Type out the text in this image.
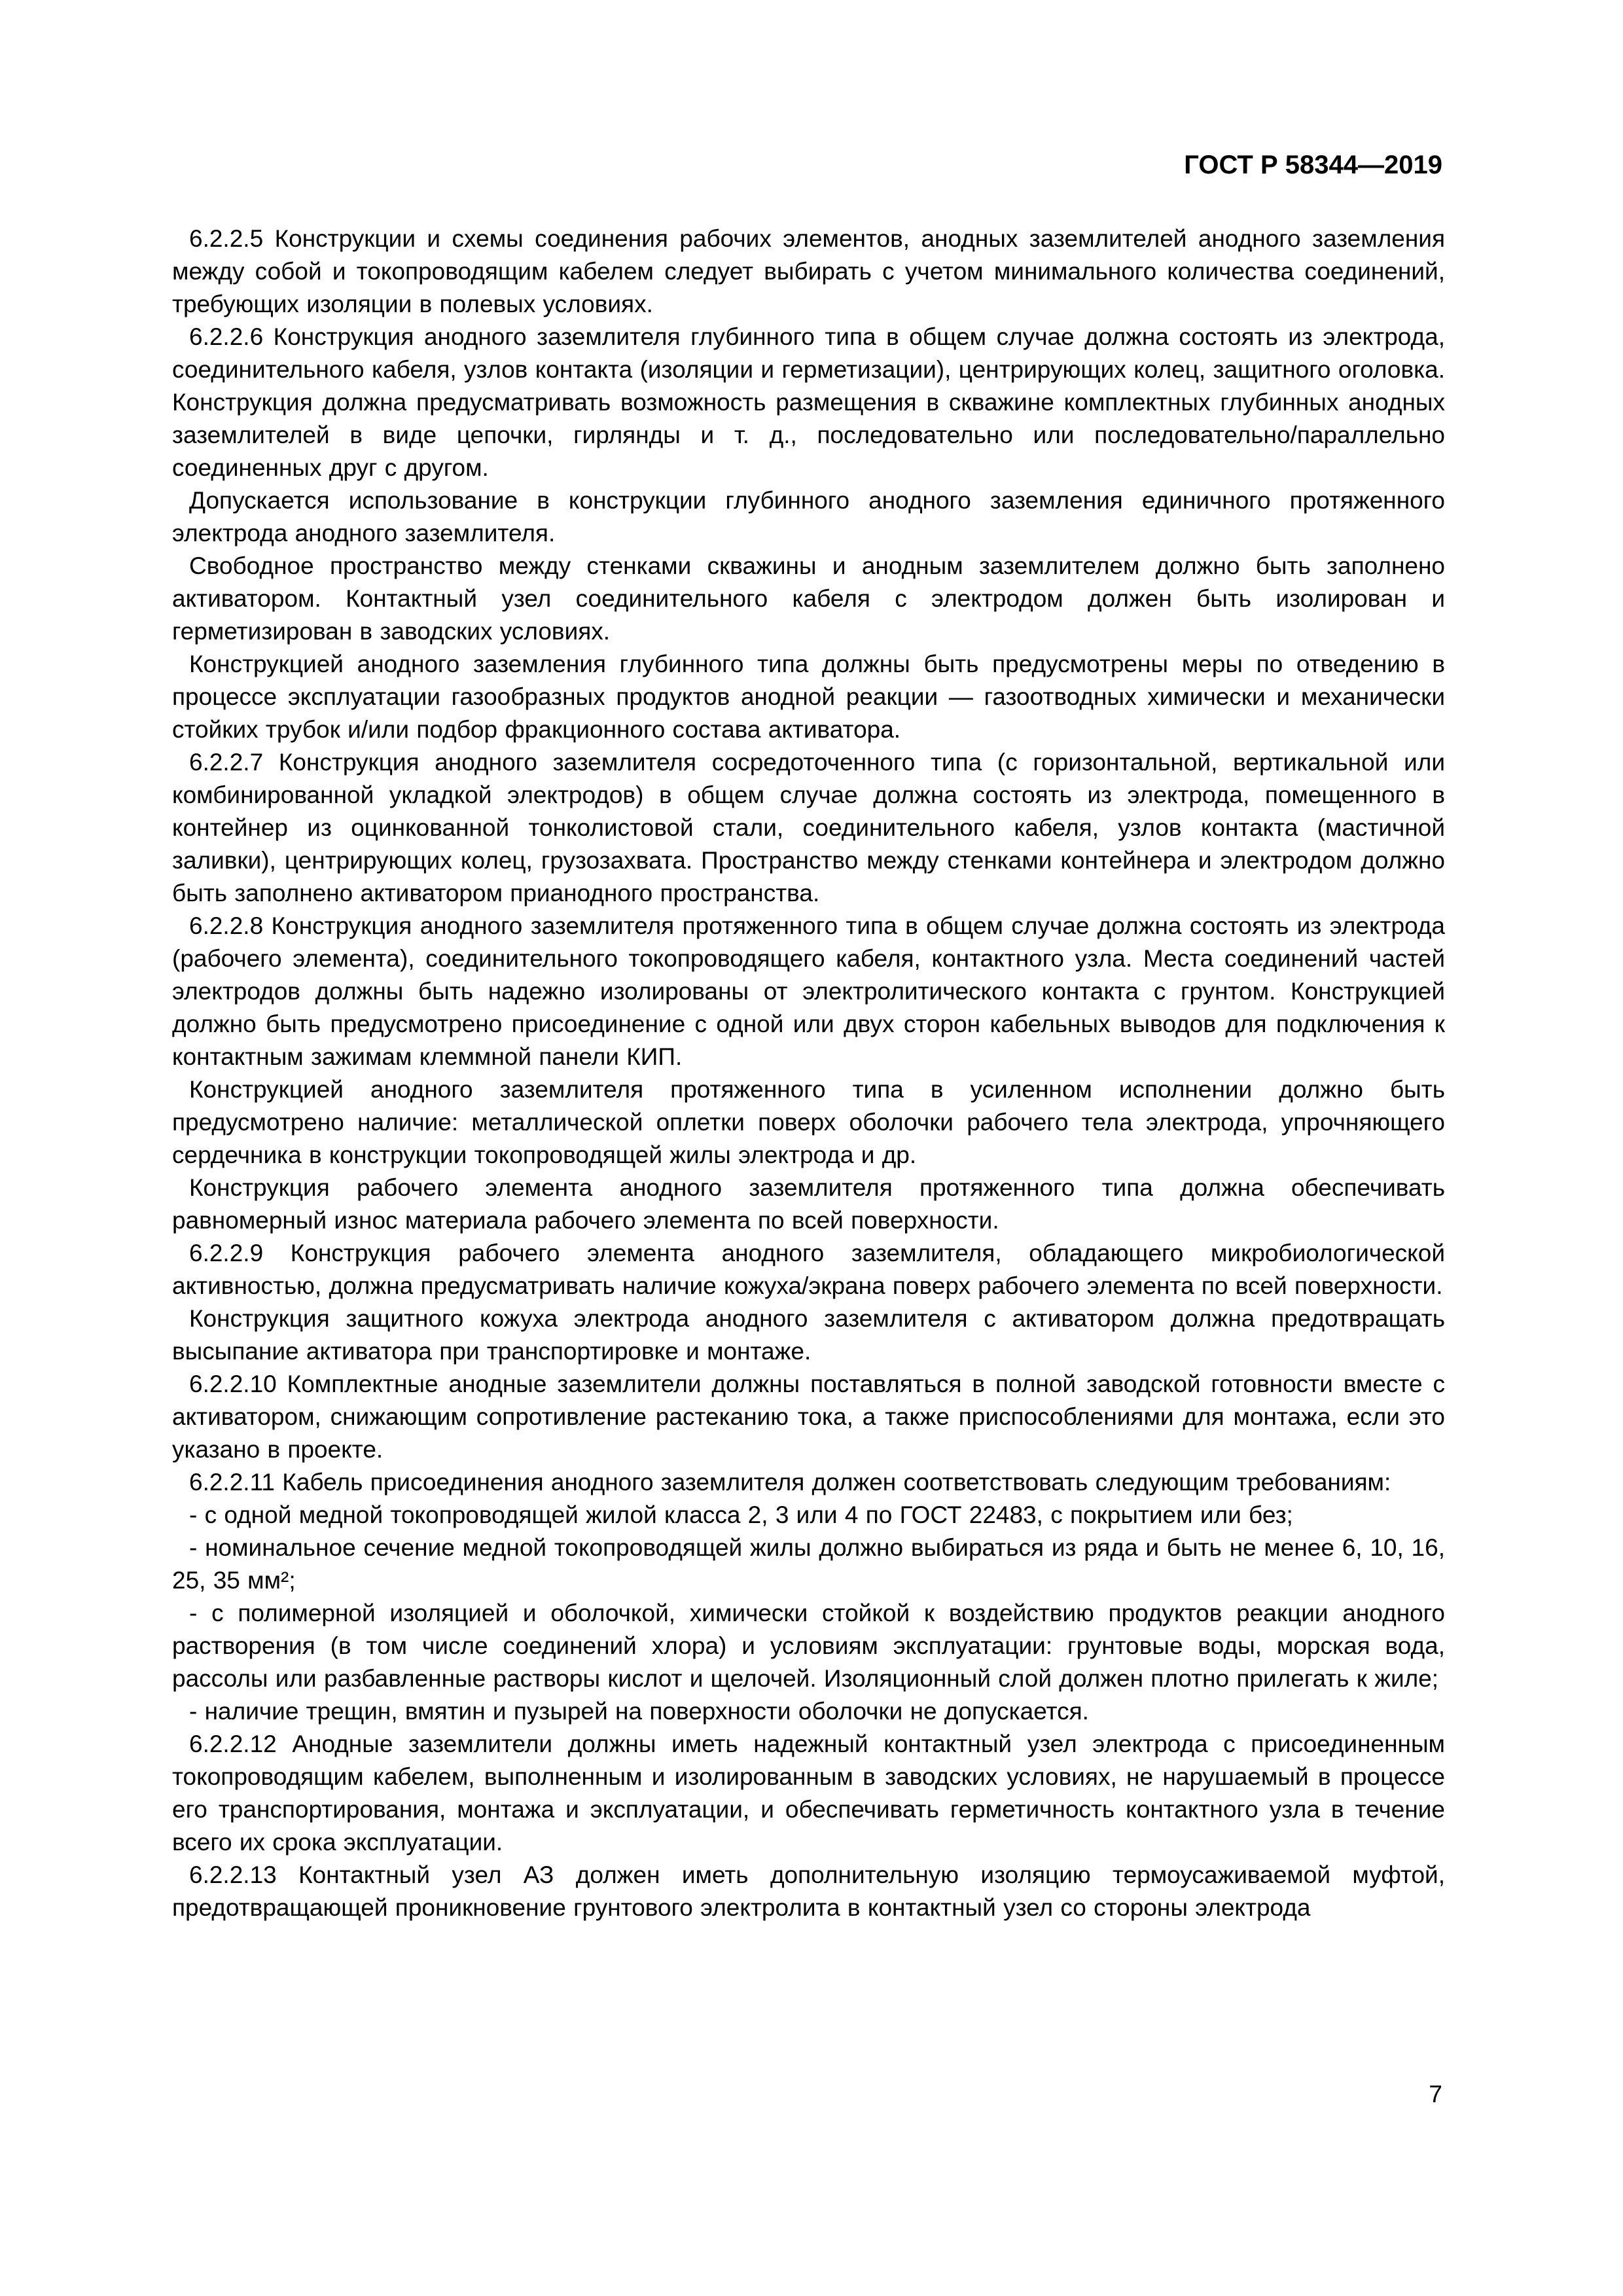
ГОСТ Р 58344—2019

6.2.2.5 Конструкции и схемы соединения рабочих элементов, анодных заземлителей анодного заземления между собой и токопроводящим кабелем следует выбирать с учетом минимального количества соединений, требующих изоляции в полевых условиях.

6.2.2.6 Конструкция анодного заземлителя глубинного типа в общем случае должна состоять из электрода, соединительного кабеля, узлов контакта (изоляции и герметизации), центрирующих колец, защитного оголовка. Конструкция должна предусматривать возможность размещения в скважине комплектных глубинных анодных заземлителей в виде цепочки, гирлянды и т. д., последовательно или последовательно/параллельно соединенных друг с другом.

Допускается использование в конструкции глубинного анодного заземления единичного протяженного электрода анодного заземлителя.

Свободное пространство между стенками скважины и анодным заземлителем должно быть заполнено активатором. Контактный узел соединительного кабеля с электродом должен быть изолирован и герметизирован в заводских условиях.

Конструкцией анодного заземления глубинного типа должны быть предусмотрены меры по отведению в процессе эксплуатации газообразных продуктов анодной реакции — газоотводных химически и механически стойких трубок и/или подбор фракционного состава активатора.

6.2.2.7 Конструкция анодного заземлителя сосредоточенного типа (с горизонтальной, вертикальной или комбинированной укладкой электродов) в общем случае должна состоять из электрода, помещенного в контейнер из оцинкованной тонколистовой стали, соединительного кабеля, узлов контакта (мастичной заливки), центрирующих колец, грузозахвата. Пространство между стенками контейнера и электродом должно быть заполнено активатором прианодного пространства.

6.2.2.8 Конструкция анодного заземлителя протяженного типа в общем случае должна состоять из электрода (рабочего элемента), соединительного токопроводящего кабеля, контактного узла. Места соединений частей электродов должны быть надежно изолированы от электролитического контакта с грунтом. Конструкцией должно быть предусмотрено присоединение с одной или двух сторон кабельных выводов для подключения к контактным зажимам клеммной панели КИП.

Конструкцией анодного заземлителя протяженного типа в усиленном исполнении должно быть предусмотрено наличие: металлической оплетки поверх оболочки рабочего тела электрода, упрочняющего сердечника в конструкции токопроводящей жилы электрода и др.

Конструкция рабочего элемента анодного заземлителя протяженного типа должна обеспечивать равномерный износ материала рабочего элемента по всей поверхности.

6.2.2.9 Конструкция рабочего элемента анодного заземлителя, обладающего микробиологической активностью, должна предусматривать наличие кожуха/экрана поверх рабочего элемента по всей поверхности.

Конструкция защитного кожуха электрода анодного заземлителя с активатором должна предотвращать высыпание активатора при транспортировке и монтаже.

6.2.2.10 Комплектные анодные заземлители должны поставляться в полной заводской готовности вместе с активатором, снижающим сопротивление растеканию тока, а также приспособлениями для монтажа, если это указано в проекте.

6.2.2.11 Кабель присоединения анодного заземлителя должен соответствовать следующим требованиям:

- с одной медной токопроводящей жилой класса 2, 3 или 4 по ГОСТ 22483, с покрытием или без;

- номинальное сечение медной токопроводящей жилы должно выбираться из ряда и быть не менее 6, 10, 16, 25, 35 мм²;

- с полимерной изоляцией и оболочкой, химически стойкой к воздействию продуктов реакции анодного растворения (в том числе соединений хлора) и условиям эксплуатации: грунтовые воды, морская вода, рассолы или разбавленные растворы кислот и щелочей. Изоляционный слой должен плотно прилегать к жиле;

- наличие трещин, вмятин и пузырей на поверхности оболочки не допускается.

6.2.2.12 Анодные заземлители должны иметь надежный контактный узел электрода с присоединенным токопроводящим кабелем, выполненным и изолированным в заводских условиях, не нарушаемый в процессе его транспортирования, монтажа и эксплуатации, и обеспечивать герметичность контактного узла в течение всего их срока эксплуатации.

6.2.2.13 Контактный узел АЗ должен иметь дополнительную изоляцию термоусаживаемой муфтой, предотвращающей проникновение грунтового электролита в контактный узел со стороны электрода

7
